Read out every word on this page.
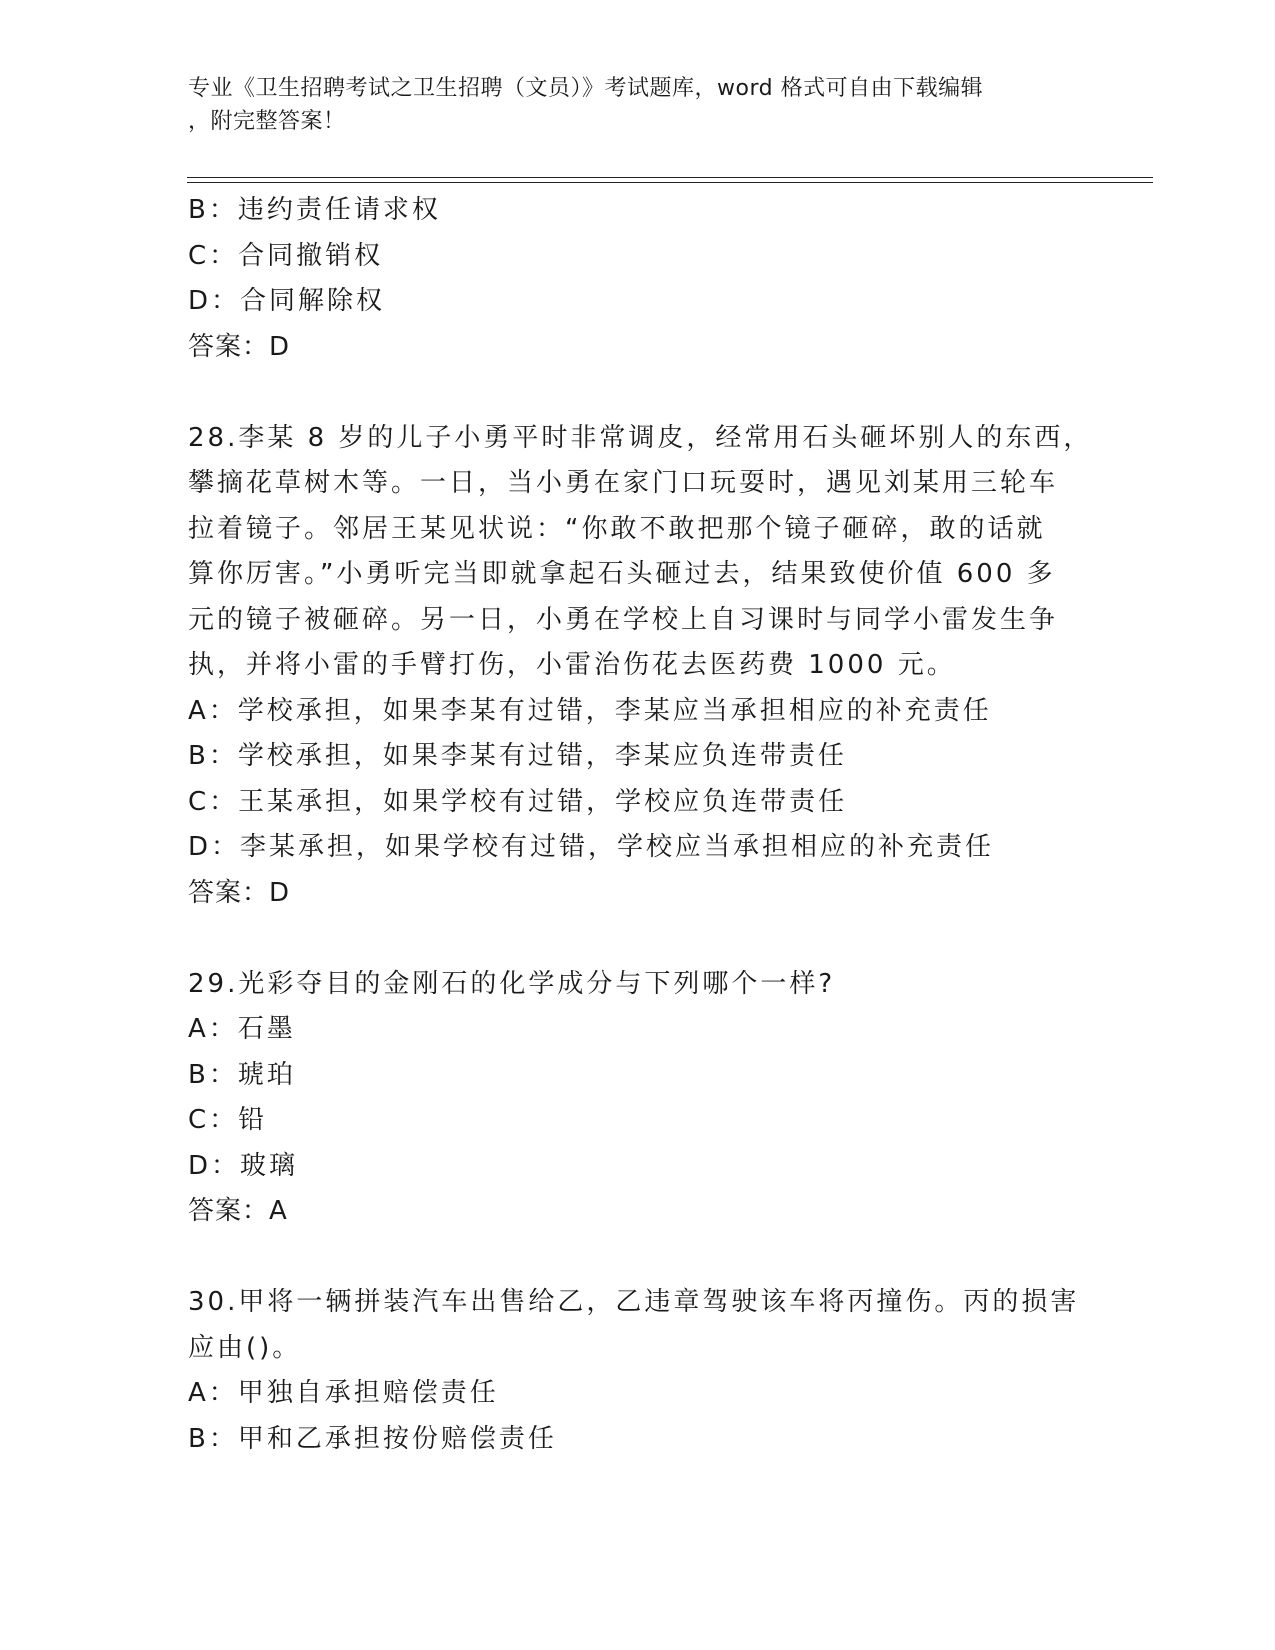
专业《卫生招聘考试之卫生招聘（文员）》考试题库，word 格式可自由下载编辑
，附完整答案！
B：违约责任请求权
C：合同撤销权
D：合同解除权
答案：D
28.李某 8 岁的儿子小勇平时非常调皮，经常用石头砸坏别人的东西，
攀摘花草树木等。一日，当小勇在家门口玩耍时，遇见刘某用三轮车
拉着镜子。邻居王某见状说：“你敢不敢把那个镜子砸碎，敢的话就
算你厉害。”小勇听完当即就拿起石头砸过去，结果致使价值 600 多
元的镜子被砸碎。另一日，小勇在学校上自习课时与同学小雷发生争
执，并将小雷的手臂打伤，小雷治伤花去医药费 1000 元。
A：学校承担，如果李某有过错，李某应当承担相应的补充责任
B：学校承担，如果李某有过错，李某应负连带责任
C：王某承担，如果学校有过错，学校应负连带责任
D：李某承担，如果学校有过错，学校应当承担相应的补充责任
答案：D
29.光彩夺目的金刚石的化学成分与下列哪个一样?
A：石墨
B：琥珀
C：铅
D：玻璃
答案：A
30.甲将一辆拼装汽车出售给乙，乙违章驾驶该车将丙撞伤。丙的损害
应由()。
A：甲独自承担赔偿责任
B：甲和乙承担按份赔偿责任
